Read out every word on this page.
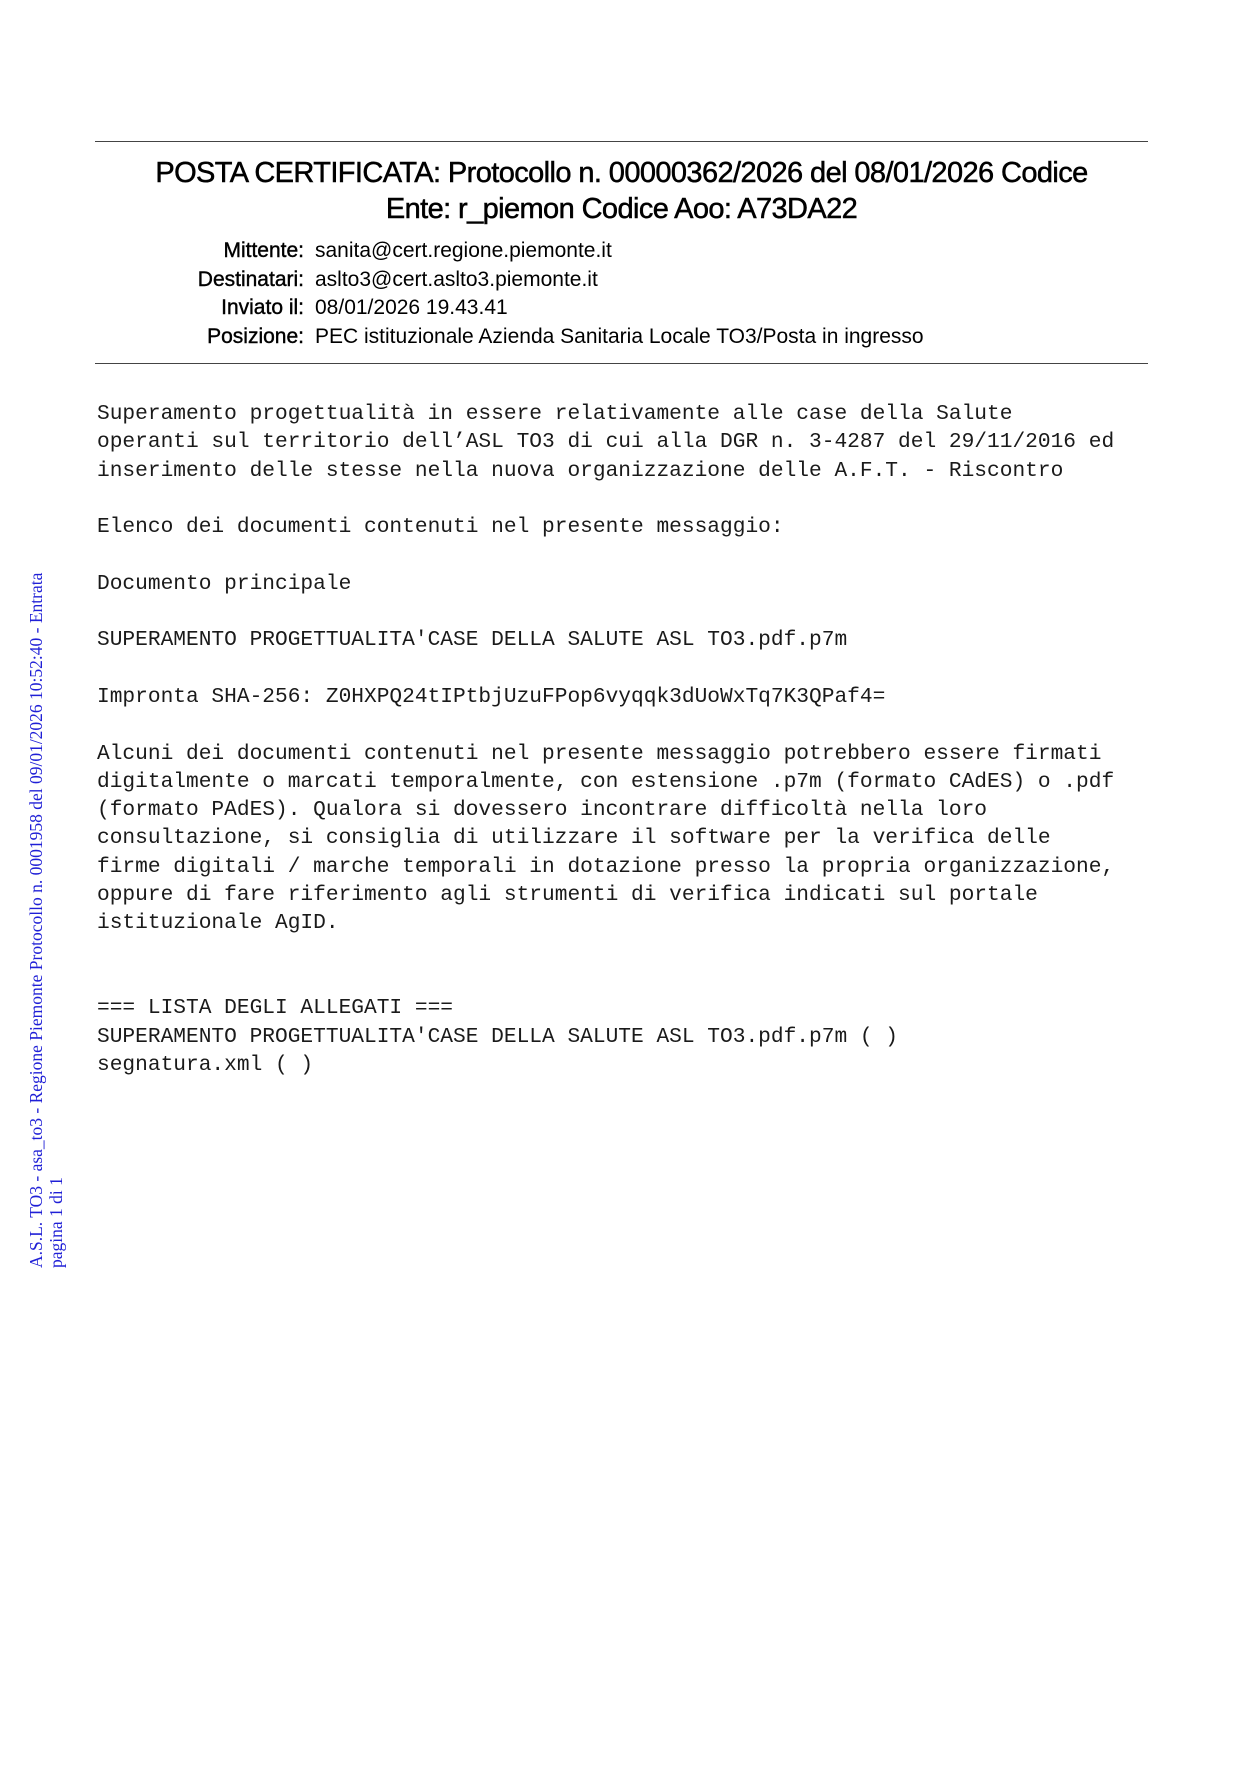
POSTA CERTIFICATA: Protocollo n. 00000362/2026 del 08/01/2026 Codice
Ente: r_piemon Codice Aoo: A73DA22
Mittente: sanita@cert.regione.piemonte.it
Destinatari: aslto3@cert.aslto3.piemonte.it
Inviato il: 08/01/2026 19.43.41
Posizione: PEC istituzionale Azienda Sanitaria Locale TO3/Posta in ingresso
Superamento progettualità in essere relativamente alle case della Salute
operanti sul territorio dell’ASL TO3 di cui alla DGR n. 3-4287 del 29/11/2016 ed
inserimento delle stesse nella nuova organizzazione delle A.F.T. - Riscontro
Elenco dei documenti contenuti nel presente messaggio:
Documento principale
SUPERAMENTO PROGETTUALITA'CASE DELLA SALUTE ASL TO3.pdf.p7m
Impronta SHA-256: Z0HXPQ24tIPtbjUzuFPop6vyqqk3dUoWxTq7K3QPaf4=
Alcuni dei documenti contenuti nel presente messaggio potrebbero essere firmati
digitalmente o marcati temporalmente, con estensione .p7m (formato CAdES) o .pdf
(formato PAdES). Qualora si dovessero incontrare difficoltà nella loro
consultazione, si consiglia di utilizzare il software per la verifica delle
firme digitali / marche temporali in dotazione presso la propria organizzazione,
oppure di fare riferimento agli strumenti di verifica indicati sul portale
istituzionale AgID.
=== LISTA DEGLI ALLEGATI ===
SUPERAMENTO PROGETTUALITA'CASE DELLA SALUTE ASL TO3.pdf.p7m ( )
segnatura.xml ( )
A.S.L. TO3 - asa_to3 - Regione Piemonte Protocollo n. 0001958 del 09/01/2026 10:52:40 - Entrata pagina 1 di 1
